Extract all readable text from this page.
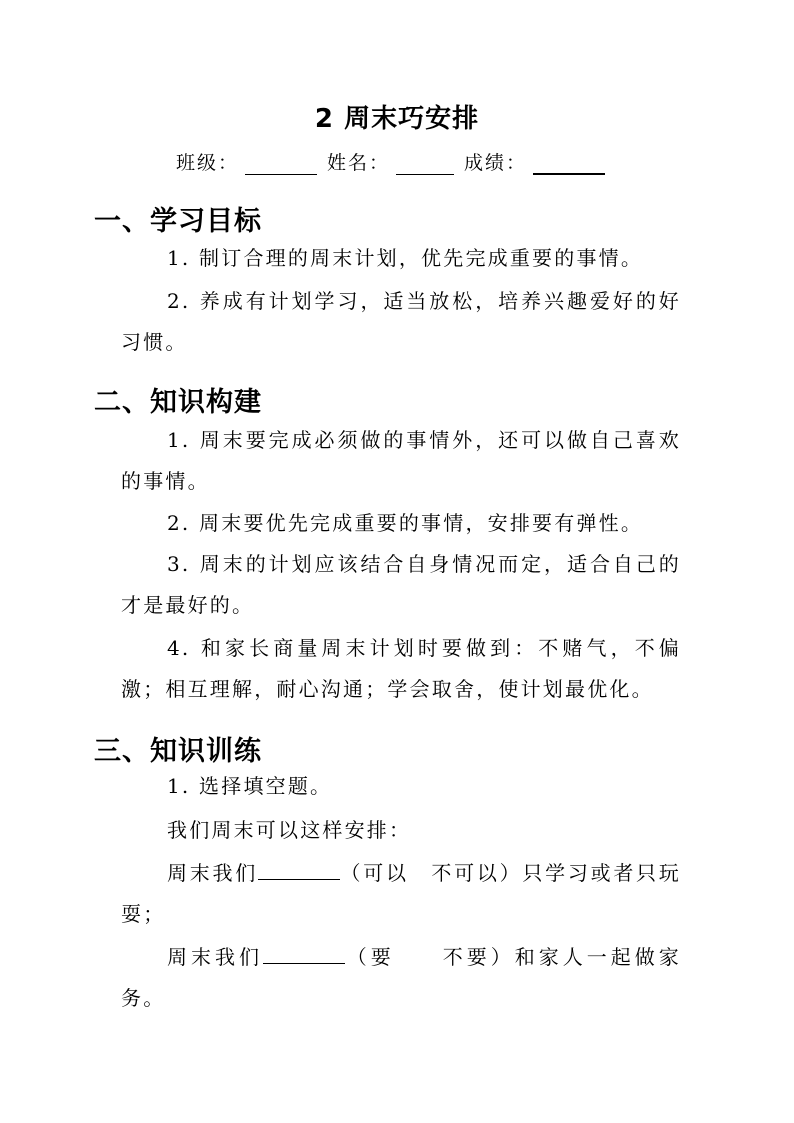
2 周末巧安排
班级：	姓名：	成绩：
一、学习目标
1. 制订合理的周末计划，优先完成重要的事情。
2. 养成有计划学习，适当放松，培养兴趣爱好的好习惯。
二、知识构建
1. 周末要完成必须做的事情外，还可以做自己喜欢的事情。
2. 周末要优先完成重要的事情，安排要有弹性。
3. 周末的计划应该结合自身情况而定，适合自己的才是最好的。
4. 和家长商量周末计划时要做到：不赌气，不偏激；相互理解，耐心沟通；学会取舍，使计划最优化。
三、知识训练
1. 选择填空题。
我们周末可以这样安排：
周末我们	（可以　不可以）只学习或者只玩耍；
周末我们	（要　　不要）和家人一起做家务。
